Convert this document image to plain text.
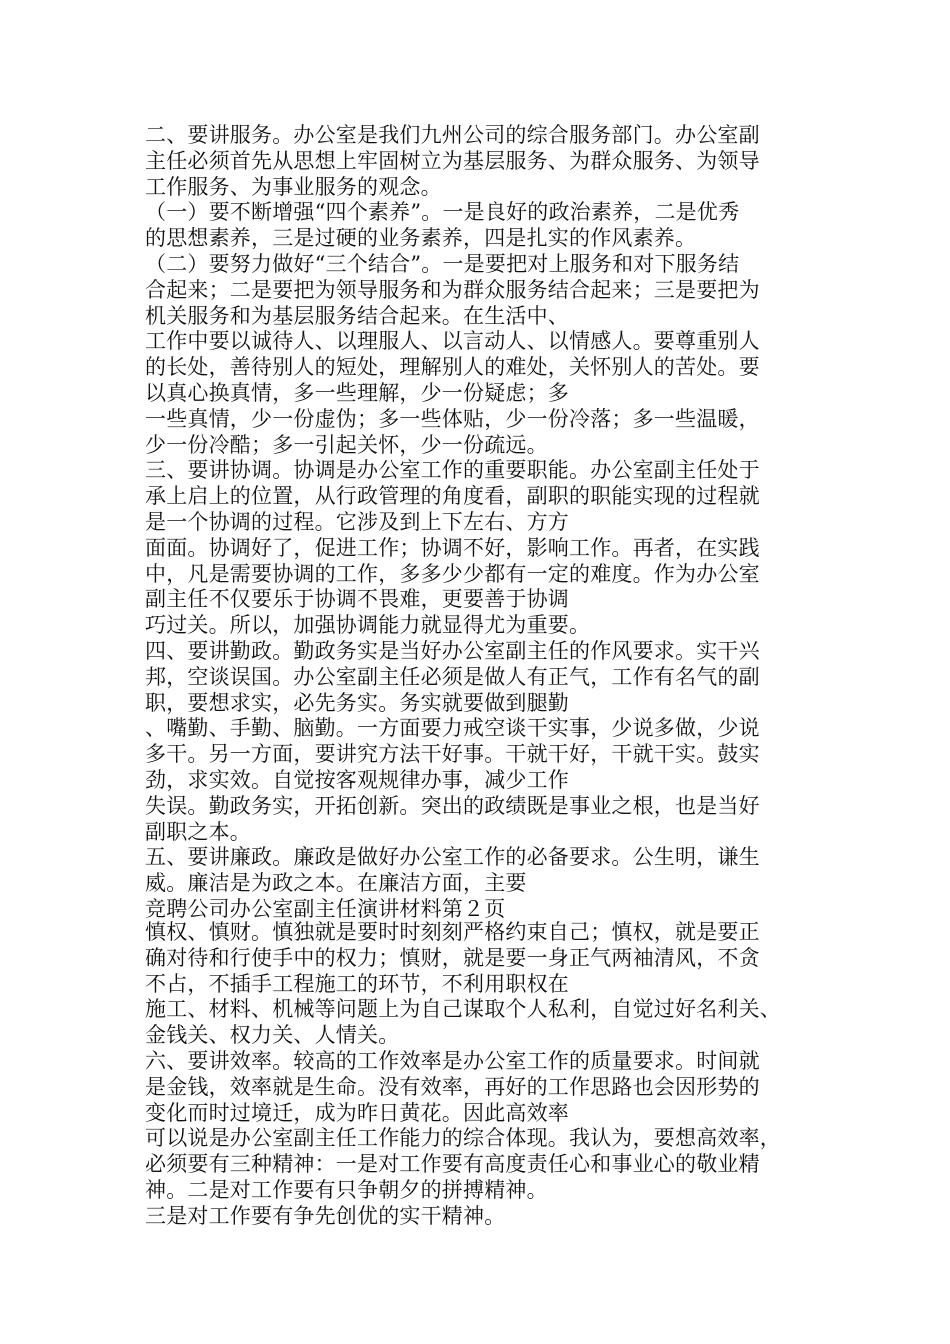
二、要讲服务。办公室是我们九州公司的综合服务部门。办公室副
主任必须首先从思想上牢固树立为基层服务、为群众服务、为领导
工作服务、为事业服务的观念。
（一）要不断增强“四个素养”。一是良好的政治素养，二是优秀
的思想素养，三是过硬的业务素养，四是扎实的作风素养。
（二）要努力做好“三个结合”。一是要把对上服务和对下服务结
合起来；二是要把为领导服务和为群众服务结合起来；三是要把为
机关服务和为基层服务结合起来。在生活中、
工作中要以诚待人、以理服人、以言动人、以情感人。要尊重别人
的长处，善待别人的短处，理解别人的难处，关怀别人的苦处。要
以真心换真情，多一些理解，少一份疑虑；多
一些真情，少一份虚伪；多一些体贴，少一份冷落；多一些温暖，
少一份冷酷；多一引起关怀，少一份疏远。
三、要讲协调。协调是办公室工作的重要职能。办公室副主任处于
承上启上的位置，从行政管理的角度看，副职的职能实现的过程就
是一个协调的过程。它涉及到上下左右、方方
面面。协调好了，促进工作；协调不好，影响工作。再者，在实践
中，凡是需要协调的工作，多多少少都有一定的难度。作为办公室
副主任不仅要乐于协调不畏难，更要善于协调
巧过关。所以，加强协调能力就显得尤为重要。
四、要讲勤政。勤政务实是当好办公室副主任的作风要求。实干兴
邦，空谈误国。办公室副主任必须是做人有正气，工作有名气的副
职，要想求实，必先务实。务实就要做到腿勤
、嘴勤、手勤、脑勤。一方面要力戒空谈干实事，少说多做，少说
多干。另一方面，要讲究方法干好事。干就干好，干就干实。鼓实
劲，求实效。自觉按客观规律办事，减少工作
失误。勤政务实，开拓创新。突出的政绩既是事业之根，也是当好
副职之本。
五、要讲廉政。廉政是做好办公室工作的必备要求。公生明，谦生
威。廉洁是为政之本。在廉洁方面，主要
竞聘公司办公室副主任演讲材料第２页
慎权、慎财。慎独就是要时时刻刻严格约束自己；慎权，就是要正
确对待和行使手中的权力；慎财，就是要一身正气两袖清风，不贪
不占，不插手工程施工的环节，不利用职权在
施工、材料、机械等问题上为自己谋取个人私利，自觉过好名利关、
金钱关、权力关、人情关。
六、要讲效率。较高的工作效率是办公室工作的质量要求。时间就
是金钱，效率就是生命。没有效率，再好的工作思路也会因形势的
变化而时过境迁，成为昨日黄花。因此高效率
可以说是办公室副主任工作能力的综合体现。我认为，要想高效率，
必须要有三种精神：一是对工作要有高度责任心和事业心的敬业精
神。二是对工作要有只争朝夕的拼搏精神。
三是对工作要有争先创优的实干精神。
